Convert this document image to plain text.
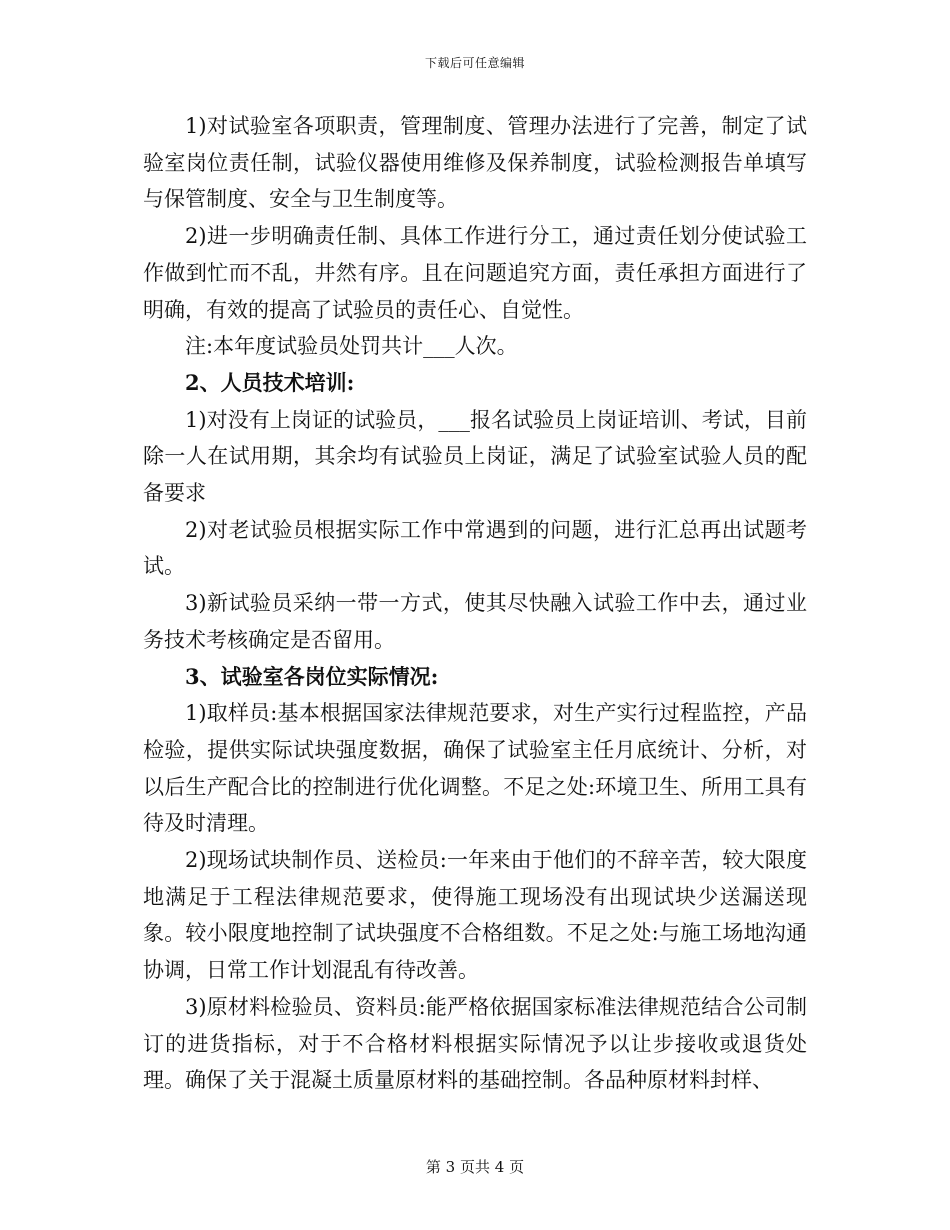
下载后可任意编辑

1)对试验室各项职责，管理制度、管理办法进行了完善，制定了试验室岗位责任制，试验仪器使用维修及保养制度，试验检测报告单填写与保管制度、安全与卫生制度等。

2)进一步明确责任制、具体工作进行分工，通过责任划分使试验工作做到忙而不乱，井然有序。且在问题追究方面，责任承担方面进行了明确，有效的提高了试验员的责任心、自觉性。

注:本年度试验员处罚共计___人次。

2、人员技术培训:

1)对没有上岗证的试验员，___报名试验员上岗证培训、考试，目前除一人在试用期，其余均有试验员上岗证，满足了试验室试验人员的配备要求

2)对老试验员根据实际工作中常遇到的问题，进行汇总再出试题考试。

3)新试验员采纳一带一方式，使其尽快融入试验工作中去，通过业务技术考核确定是否留用。

3、试验室各岗位实际情况:

1)取样员:基本根据国家法律规范要求，对生产实行过程监控，产品检验，提供实际试块强度数据，确保了试验室主任月底统计、分析，对以后生产配合比的控制进行优化调整。不足之处:环境卫生、所用工具有待及时清理。

2)现场试块制作员、送检员:一年来由于他们的不辞辛苦，较大限度地满足于工程法律规范要求，使得施工现场没有出现试块少送漏送现象。较小限度地控制了试块强度不合格组数。不足之处:与施工场地沟通协调，日常工作计划混乱有待改善。

3)原材料检验员、资料员:能严格依据国家标准法律规范结合公司制订的进货指标，对于不合格材料根据实际情况予以让步接收或退货处理。确保了关于混凝土质量原材料的基础控制。各品种原材料封样、

第 3 页共 4 页
